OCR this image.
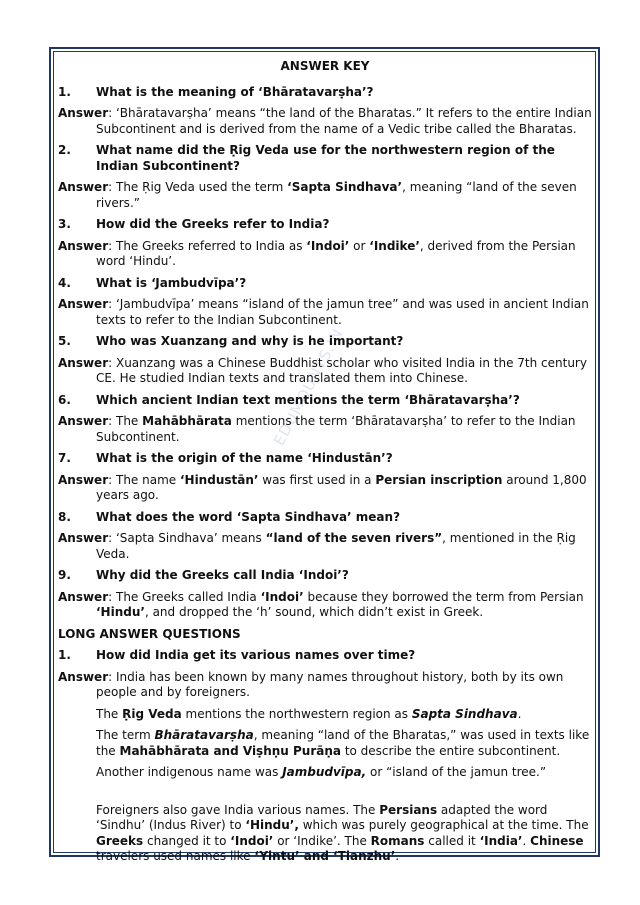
EDUMOUNTS.IN
ANSWER KEY
1.	What is the meaning of ‘Bhāratavarṣha’?
Answer: ‘Bhāratavarṣha’ means “the land of the Bharatas.” It refers to the entire Indian Subcontinent and is derived from the name of a Vedic tribe called the Bharatas.
2.	What name did the Ṛig Veda use for the northwestern region of the Indian Subcontinent?
Answer: The Ṛig Veda used the term ‘Sapta Sindhava’, meaning “land of the seven rivers.”
3.	How did the Greeks refer to India?
Answer: The Greeks referred to India as ‘Indoi’ or ‘Indike’, derived from the Persian word ‘Hindu’.
4.	What is ‘Jambudvīpa’?
Answer: ‘Jambudvīpa’ means “island of the jamun tree” and was used in ancient Indian texts to refer to the Indian Subcontinent.
5.	Who was Xuanzang and why is he important?
Answer: Xuanzang was a Chinese Buddhist scholar who visited India in the 7th century CE. He studied Indian texts and translated them into Chinese.
6.	Which ancient Indian text mentions the term ‘Bhāratavarṣha’?
Answer: The Mahābhārata mentions the term ‘Bhāratavarṣha’ to refer to the Indian Subcontinent.
7.	What is the origin of the name ‘Hindustān’?
Answer: The name ‘Hindustān’ was first used in a Persian inscription around 1,800 years ago.
8.	What does the word ‘Sapta Sindhava’ mean?
Answer: ‘Sapta Sindhava’ means “land of the seven rivers”, mentioned in the Ṛig Veda.
9.	Why did the Greeks call India ‘Indoi’?
Answer: The Greeks called India ‘Indoi’ because they borrowed the term from Persian ‘Hindu’, and dropped the ‘h’ sound, which didn’t exist in Greek.
LONG ANSWER QUESTIONS
1.	How did India get its various names over time?
Answer: India has been known by many names throughout history, both by its own people and by foreigners.
The Ṛig Veda mentions the northwestern region as Sapta Sindhava.
The term Bhāratavarṣha, meaning “land of the Bharatas,” was used in texts like the Mahābhārata and Viṣhṇu Purāṇa to describe the entire subcontinent.
Another indigenous name was Jambudvīpa, or “island of the jamun tree.”
Foreigners also gave India various names. The Persians adapted the word ‘Sindhu’ (Indus River) to ‘Hindu’, which was purely geographical at the time. The Greeks changed it to ‘Indoi’ or ‘Indike’. The Romans called it ‘India’. Chinese travelers used names like ‘Yintu’ and ‘Tianzhu’.
